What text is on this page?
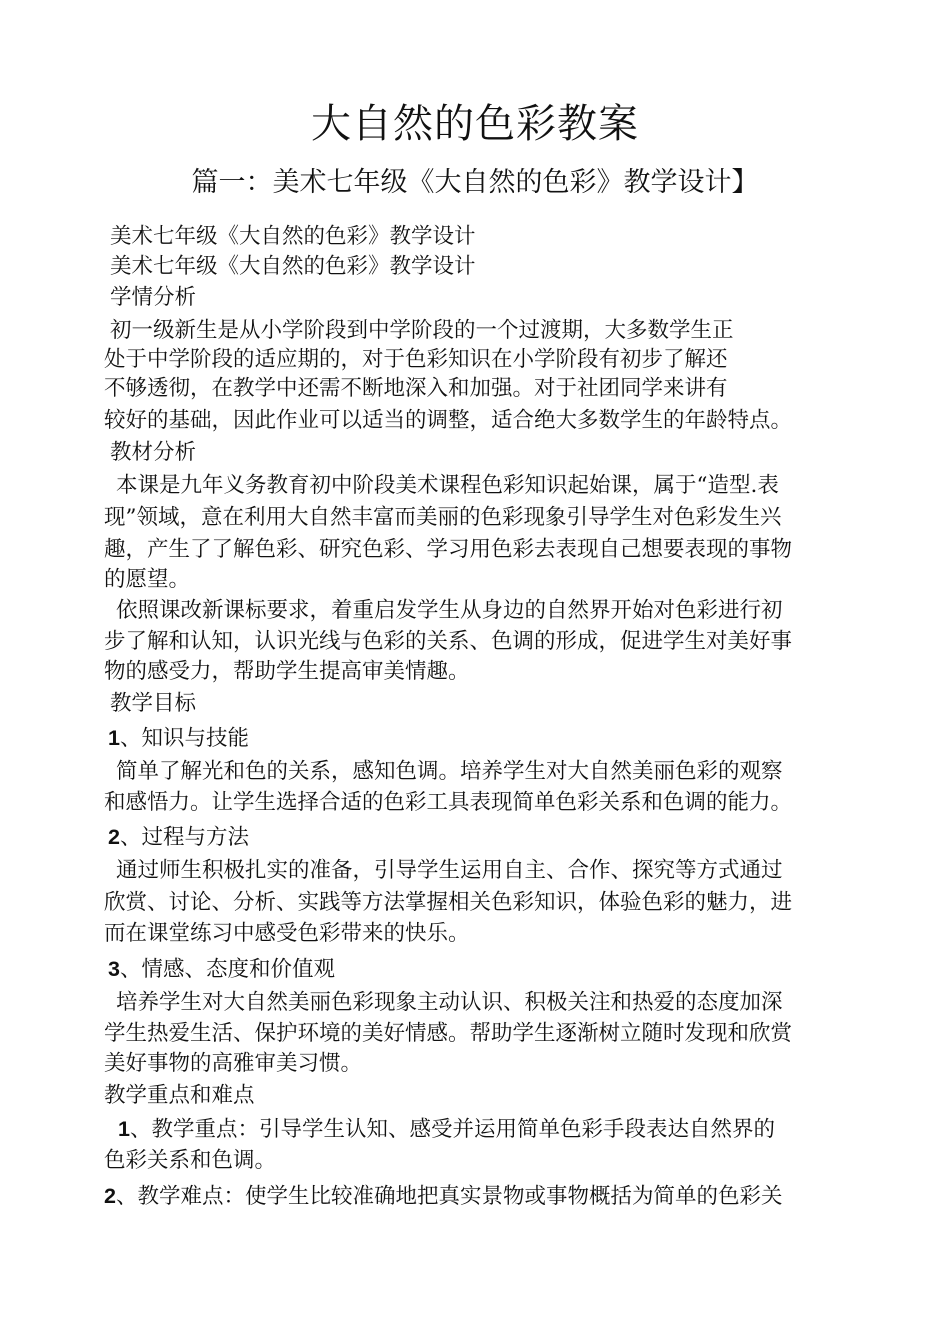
大自然的色彩教案
篇一：美术七年级《大自然的色彩》教学设计】
美术七年级《大自然的色彩》教学设计
美术七年级《大自然的色彩》教学设计
学情分析
初一级新生是从小学阶段到中学阶段的一个过渡期，大多数学生正
处于中学阶段的适应期的，对于色彩知识在小学阶段有初步了解还
不够透彻，在教学中还需不断地深入和加强。对于社团同学来讲有
较好的基础，因此作业可以适当的调整，适合绝大多数学生的年龄特点。
教材分析
本课是九年义务教育初中阶段美术课程色彩知识起始课，属于“造型.表
现”领域，意在利用大自然丰富而美丽的色彩现象引导学生对色彩发生兴
趣，产生了了解色彩、研究色彩、学习用色彩去表现自己想要表现的事物
的愿望。
依照课改新课标要求，着重启发学生从身边的自然界开始对色彩进行初
步了解和认知，认识光线与色彩的关系、色调的形成，促进学生对美好事
物的感受力，帮助学生提高审美情趣。
教学目标
1、知识与技能
简单了解光和色的关系，感知色调。培养学生对大自然美丽色彩的观察
和感悟力。让学生选择合适的色彩工具表现简单色彩关系和色调的能力。
2、过程与方法
通过师生积极扎实的准备，引导学生运用自主、合作、探究等方式通过
欣赏、讨论、分析、实践等方法掌握相关色彩知识，体验色彩的魅力，进
而在课堂练习中感受色彩带来的快乐。
3、情感、态度和价值观
培养学生对大自然美丽色彩现象主动认识、积极关注和热爱的态度加深
学生热爱生活、保护环境的美好情感。帮助学生逐渐树立随时发现和欣赏
美好事物的高雅审美习惯。
教学重点和难点
1、教学重点：引导学生认知、感受并运用简单色彩手段表达自然界的
色彩关系和色调。
2、教学难点：使学生比较准确地把真实景物或事物概括为简单的色彩关
